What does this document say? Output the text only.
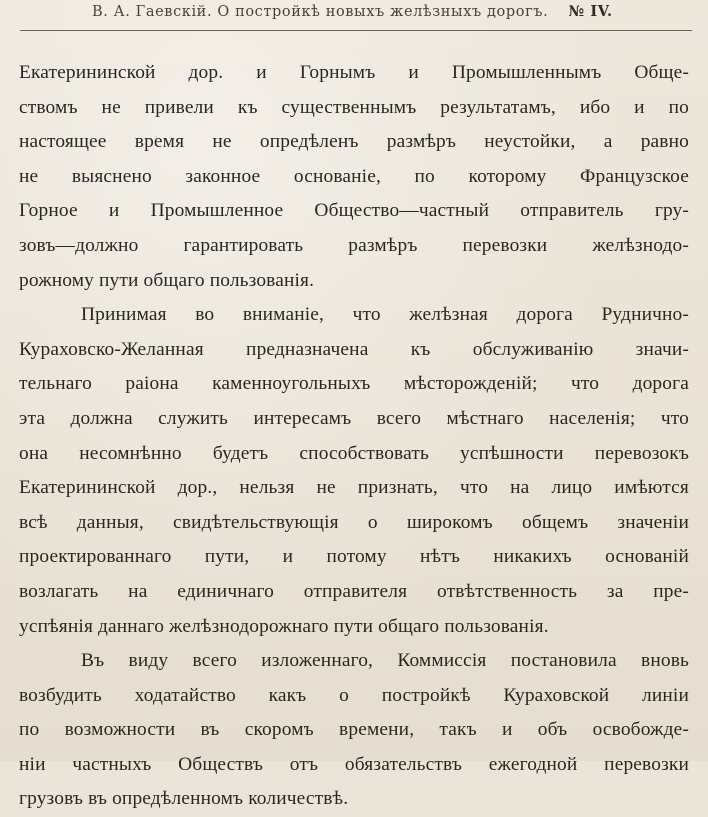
В. А. Гаевскій. О постройкѣ новыхъ желѣзныхъ дорогъ. № IV.
Екатерининской дор. и Горнымъ и Промышленнымъ Обще-
ствомъ не привели къ существеннымъ результатамъ, ибо и по
настоящее время не опредѣленъ размѣръ неустойки, а равно
не выяснено законное основаніе, по которому Французское
Горное и Промышленное Общество—частный отправитель гру-
зовъ—должно гарантировать размѣръ перевозки желѣзнодо-
рожному пути общаго пользованія.
Принимая во вниманіе, что желѣзная дорога Руднично-
Кураховско-Желанная предназначена къ обслуживанію значи-
тельнаго раіона каменноугольныхъ мѣсторожденій; что дорога
эта должна служить интересамъ всего мѣстнаго населенія; что
она несомнѣнно будетъ способствовать успѣшности перевозокъ
Екатерининской дор., нельзя не признать, что на лицо имѣются
всѣ данныя, свидѣтельствующія о широкомъ общемъ значеніи
проектированнаго пути, и потому нѣтъ никакихъ основаній
возлагать на единичнаго отправителя отвѣтственность за пре-
успѣянія даннаго желѣзнодорожнаго пути общаго пользованія.
Въ виду всего изложеннаго, Коммиссія постановила вновь
возбудить ходатайство какъ о постройкѣ Кураховской линіи
по возможности въ скоромъ времени, такъ и объ освобожде-
ніи частныхъ Обществъ отъ обязательствъ ежегодной перевозки
грузовъ въ опредѣленномъ количествѣ.
